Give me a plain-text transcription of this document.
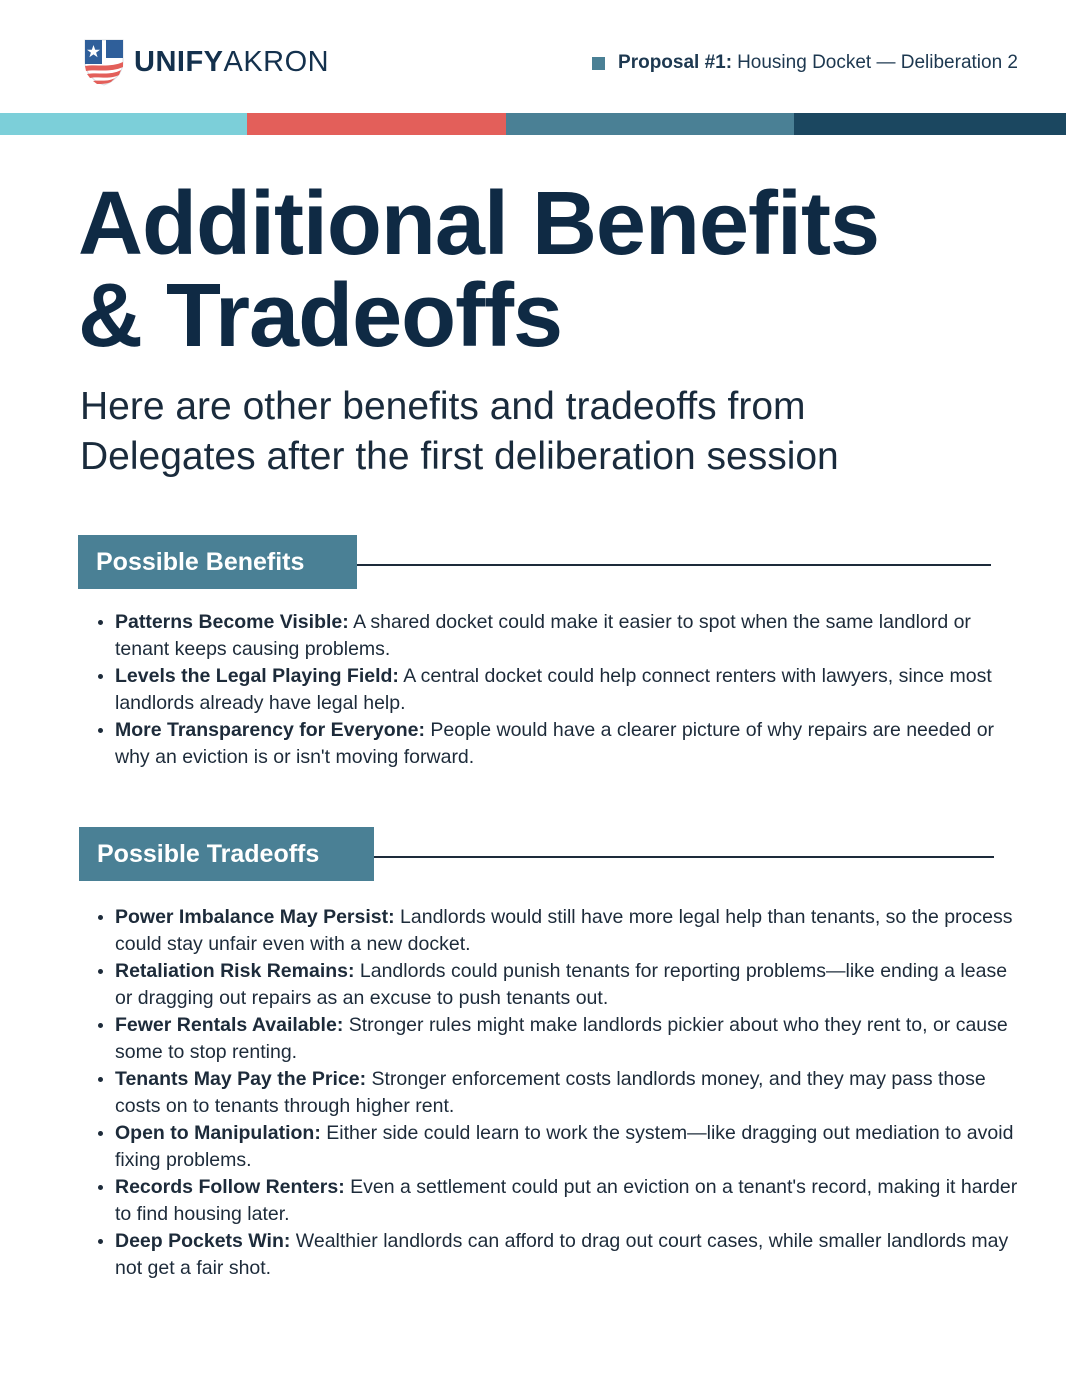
UNIFYAKRON	Proposal #1: Housing Docket — Deliberation 2
Additional Benefits
& Tradeoffs

Here are other benefits and tradeoffs from
Delegates after the first deliberation session

Possible Benefits
• Patterns Become Visible: A shared docket could make it easier to spot when the same landlord or tenant keeps causing problems.
• Levels the Legal Playing Field: A central docket could help connect renters with lawyers, since most landlords already have legal help.
• More Transparency for Everyone: People would have a clearer picture of why repairs are needed or why an eviction is or isn't moving forward.
Possible Tradeoffs
• Power Imbalance May Persist: Landlords would still have more legal help than tenants, so the process could stay unfair even with a new docket.
• Retaliation Risk Remains: Landlords could punish tenants for reporting problems—like ending a lease or dragging out repairs as an excuse to push tenants out.
• Fewer Rentals Available: Stronger rules might make landlords pickier about who they rent to, or cause some to stop renting.
• Tenants May Pay the Price: Stronger enforcement costs landlords money, and they may pass those costs on to tenants through higher rent.
• Open to Manipulation: Either side could learn to work the system—like dragging out mediation to avoid fixing problems.
• Records Follow Renters: Even a settlement could put an eviction on a tenant's record, making it harder to find housing later.
• Deep Pockets Win: Wealthier landlords can afford to drag out court cases, while smaller landlords may not get a fair shot.
